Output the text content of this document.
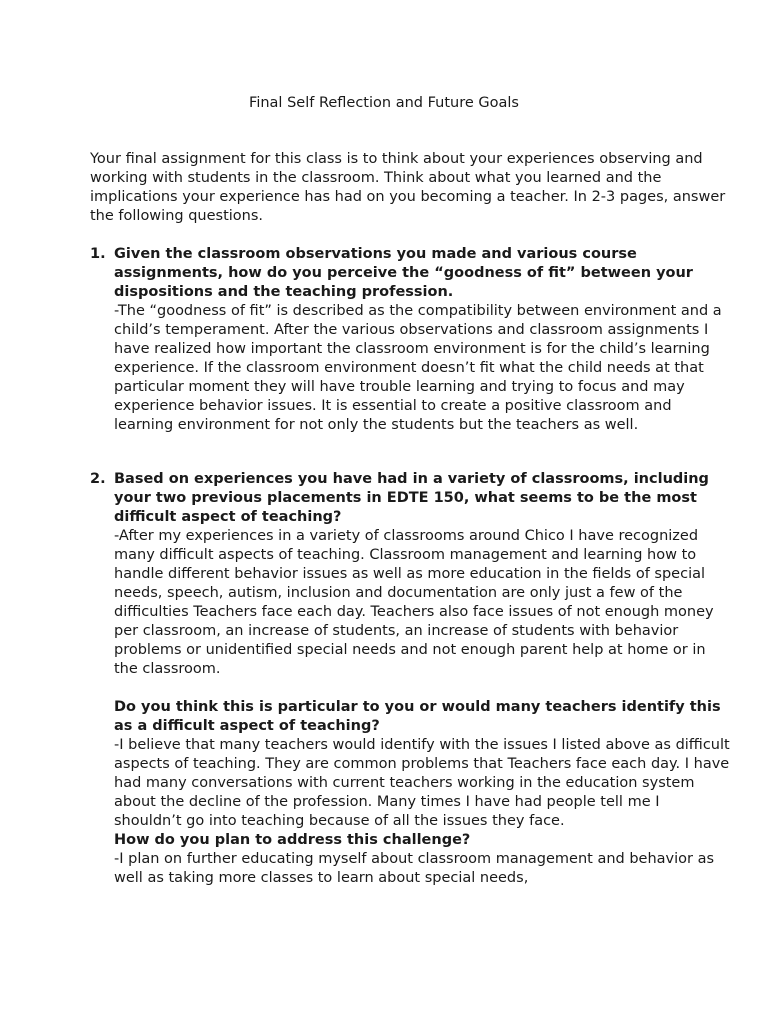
Final Self Reflection and Future Goals

Your final assignment for this class is to think about your experiences observing and working with students in the classroom. Think about what you learned and the implications your experience has had on you becoming a teacher. In 2-3 pages, answer the following questions.

1. Given the classroom observations you made and various course assignments, how do you perceive the “goodness of fit” between your dispositions and the teaching profession.

-The “goodness of fit” is described as the compatibility between environment and a child’s temperament. After the various observations and classroom assignments I have realized how important the classroom environment is for the child’s learning experience. If the classroom environment doesn’t fit what the child needs at that particular moment they will have trouble learning and trying to focus and may experience behavior issues. It is essential to create a positive classroom and learning environment for not only the students but the teachers as well.

2. Based on experiences you have had in a variety of classrooms, including your two previous placements in EDTE 150, what seems to be the most difficult aspect of teaching?

-After my experiences in a variety of classrooms around Chico I have recognized many difficult aspects of teaching. Classroom management and learning how to handle different behavior issues as well as more education in the fields of special needs, speech, autism, inclusion and documentation are only just a few of the difficulties Teachers face each day. Teachers also face issues of not enough money per classroom, an increase of students, an increase of students with behavior problems or unidentified special needs and not enough parent help at home or in the classroom.

Do you think this is particular to you or would many teachers identify this as a difficult aspect of teaching?

-I believe that many teachers would identify with the issues I listed above as difficult aspects of teaching. They are common problems that Teachers face each day. I have had many conversations with current teachers working in the education system about the decline of the profession. Many times I have had people tell me I shouldn’t go into teaching because of all the issues they face.

How do you plan to address this challenge?

-I plan on further educating myself about classroom management and behavior as well as taking more classes to learn about special needs,
